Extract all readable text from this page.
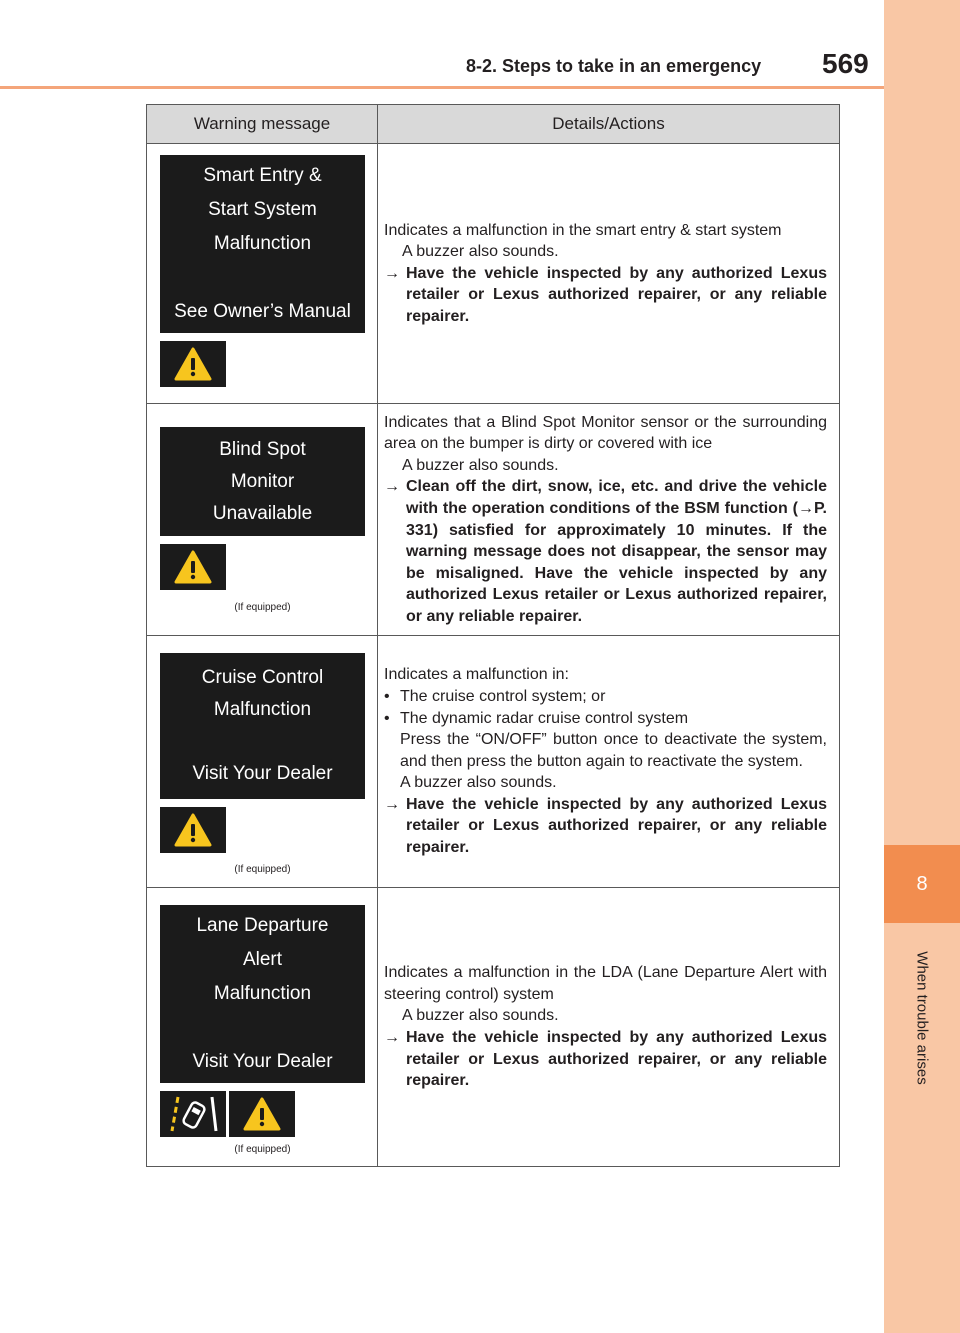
8-2. Steps to take in an emergency 569
8
When trouble arises
Warning message	Details/Actions
Smart Entry &
Start System
Malfunction
See Owner’s Manual

Indicates a malfunction in the smart entry & start system

A buzzer also sounds.

→ Have the vehicle inspected by any authorized Lexus retailer or Lexus authorized repairer, or any reliable repairer.
Blind Spot
Monitor
Unavailable
(If equipped)

Indicates that a Blind Spot Monitor sensor or the surrounding area on the bumper is dirty or covered with ice

A buzzer also sounds.

→ Clean off the dirt, snow, ice, etc. and drive the vehicle with the operation conditions of the BSM function (→P. 331) satisfied for approximately 10 minutes. If the warning message does not disappear, the sensor may be misaligned. Have the vehicle inspected by any authorized Lexus retailer or Lexus authorized repairer, or any reliable repairer.
Cruise Control
Malfunction
Visit Your Dealer
(If equipped)

Indicates a malfunction in:

• The cruise control system; or
• The dynamic radar cruise control system

Press the “ON/OFF” button once to deactivate the system, and then press the button again to reactivate the system.

A buzzer also sounds.

→ Have the vehicle inspected by any authorized Lexus retailer or Lexus authorized repairer, or any reliable repairer.
Lane Departure
Alert
Malfunction
Visit Your Dealer
(If equipped)

Indicates a malfunction in the LDA (Lane Departure Alert with steering control) system

A buzzer also sounds.

→ Have the vehicle inspected by any authorized Lexus retailer or Lexus authorized repairer, or any reliable repairer.
